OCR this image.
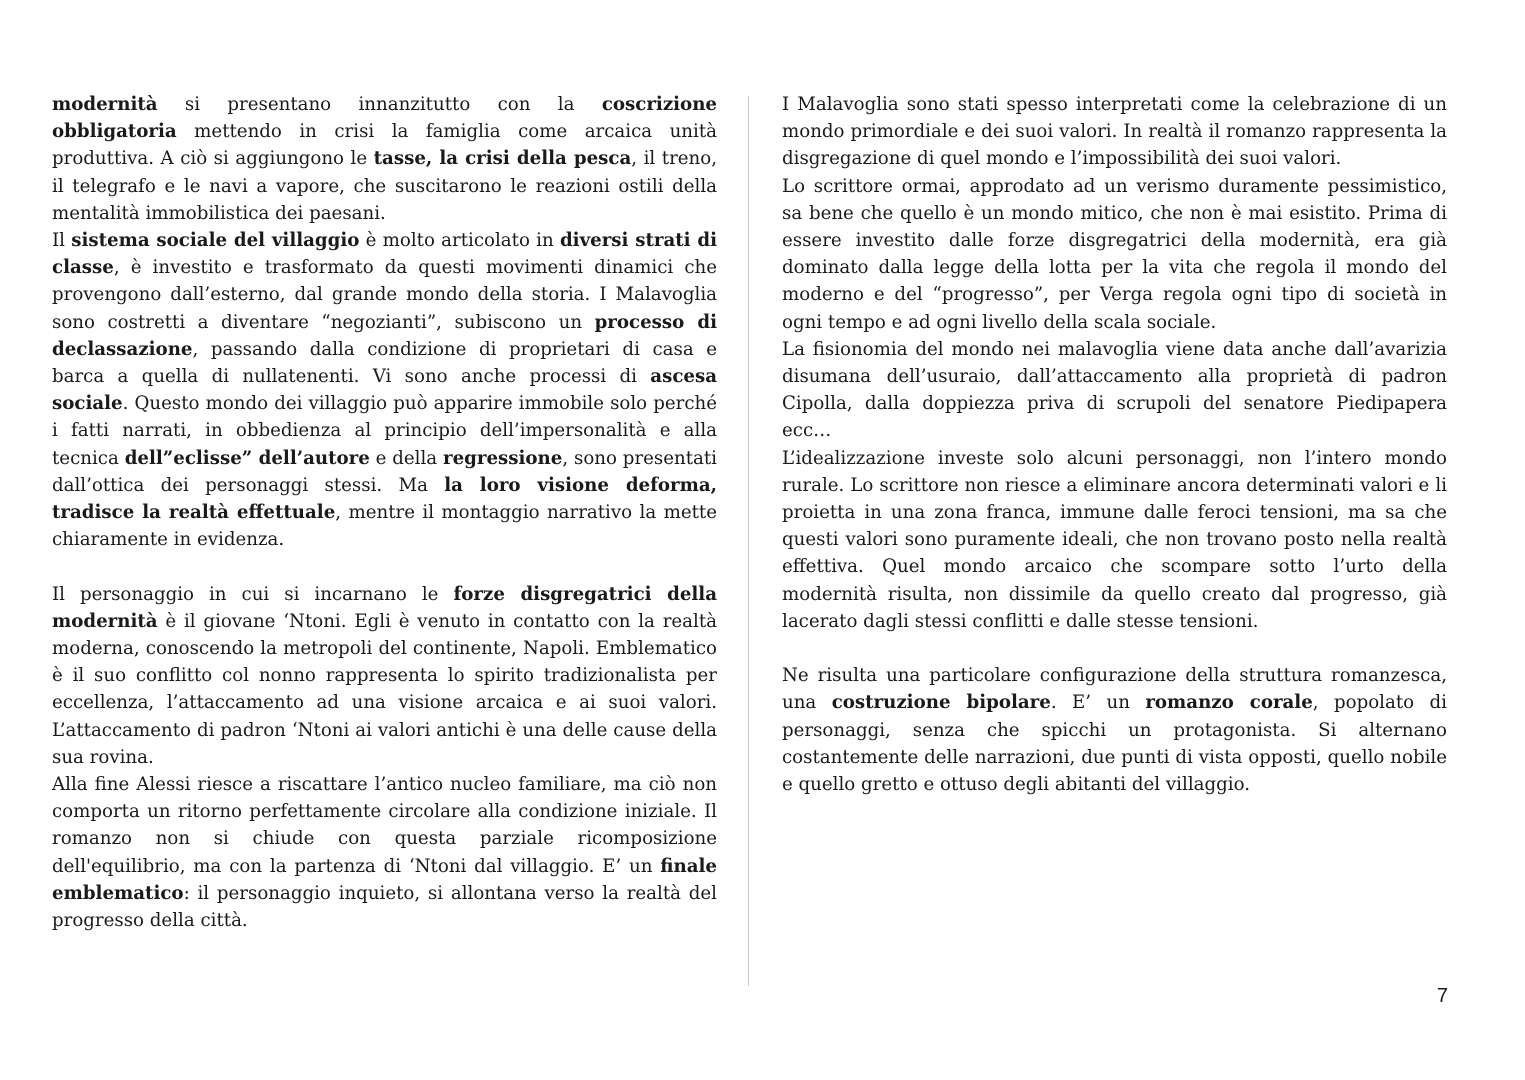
modernità si presentano innanzitutto con la coscrizione obbligatoria mettendo in crisi la famiglia come arcaica unità produttiva. A ciò si aggiungono le tasse, la crisi della pesca, il treno, il telegrafo e le navi a vapore, che suscitarono le reazioni ostili della mentalità immobilistica dei paesani.

Il sistema sociale del villaggio è molto articolato in diversi strati di classe, è investito e trasformato da questi movimenti dinamici che provengono dall’esterno, dal grande mondo della storia. I Malavoglia sono costretti a diventare “negozianti”, subiscono un processo di declassazione, passando dalla condizione di proprietari di casa e barca a quella di nullatenenti. Vi sono anche processi di ascesa sociale. Questo mondo dei villaggio può apparire immobile solo perché i fatti narrati, in obbedienza al principio dell’impersonalità e alla tecnica dell”eclisse” dell’autore e della regressione, sono presentati dall’ottica dei personaggi stessi. Ma la loro visione deforma, tradisce la realtà effettuale, mentre il montaggio narrativo la mette chiaramente in evidenza.

Il personaggio in cui si incarnano le forze disgregatrici della modernità è il giovane ‘Ntoni. Egli è venuto in contatto con la realtà moderna, conoscendo la metropoli del continente, Napoli. Emblematico è il suo conflitto col nonno rappresenta lo spirito tradizionalista per eccellenza, l’attaccamento ad una visione arcaica e ai suoi valori. L’attaccamento di padron ‘Ntoni ai valori antichi è una delle cause della sua rovina.

Alla fine Alessi riesce a riscattare l’antico nucleo familiare, ma ciò non comporta un ritorno perfettamente circolare alla condizione iniziale. Il romanzo non si chiude con questa parziale ricomposizione dell'equilibrio, ma con la partenza di ‘Ntoni dal villaggio. E’ un finale emblematico: il personaggio inquieto, si allontana verso la realtà del progresso della città.

I Malavoglia sono stati spesso interpretati come la celebrazione di un mondo primordiale e dei suoi valori. In realtà il romanzo rappresenta la disgregazione di quel mondo e l’impossibilità dei suoi valori.

Lo scrittore ormai, approdato ad un verismo duramente pessimistico, sa bene che quello è un mondo mitico, che non è mai esistito. Prima di essere investito dalle forze disgregatrici della modernità, era già dominato dalla legge della lotta per la vita che regola il mondo del moderno e del “progresso”, per Verga regola ogni tipo di società in ogni tempo e ad ogni livello della scala sociale.

La fisionomia del mondo nei malavoglia viene data anche dall’avarizia disumana dell’usuraio, dall’attaccamento alla proprietà di padron Cipolla, dalla doppiezza priva di scrupoli del senatore Piedipapera ecc…

L’idealizzazione investe solo alcuni personaggi, non l’intero mondo rurale. Lo scrittore non riesce a eliminare ancora determinati valori e li proietta in una zona franca, immune dalle feroci tensioni, ma sa che questi valori sono puramente ideali, che non trovano posto nella realtà effettiva. Quel mondo arcaico che scompare sotto l’urto della modernità risulta, non dissimile da quello creato dal progresso, già lacerato dagli stessi conflitti e dalle stesse tensioni.

Ne risulta una particolare configurazione della struttura romanzesca, una costruzione bipolare. E’ un romanzo corale, popolato di personaggi, senza che spicchi un protagonista. Si alternano costantemente delle narrazioni, due punti di vista opposti, quello nobile e quello gretto e ottuso degli abitanti del villaggio.

7
